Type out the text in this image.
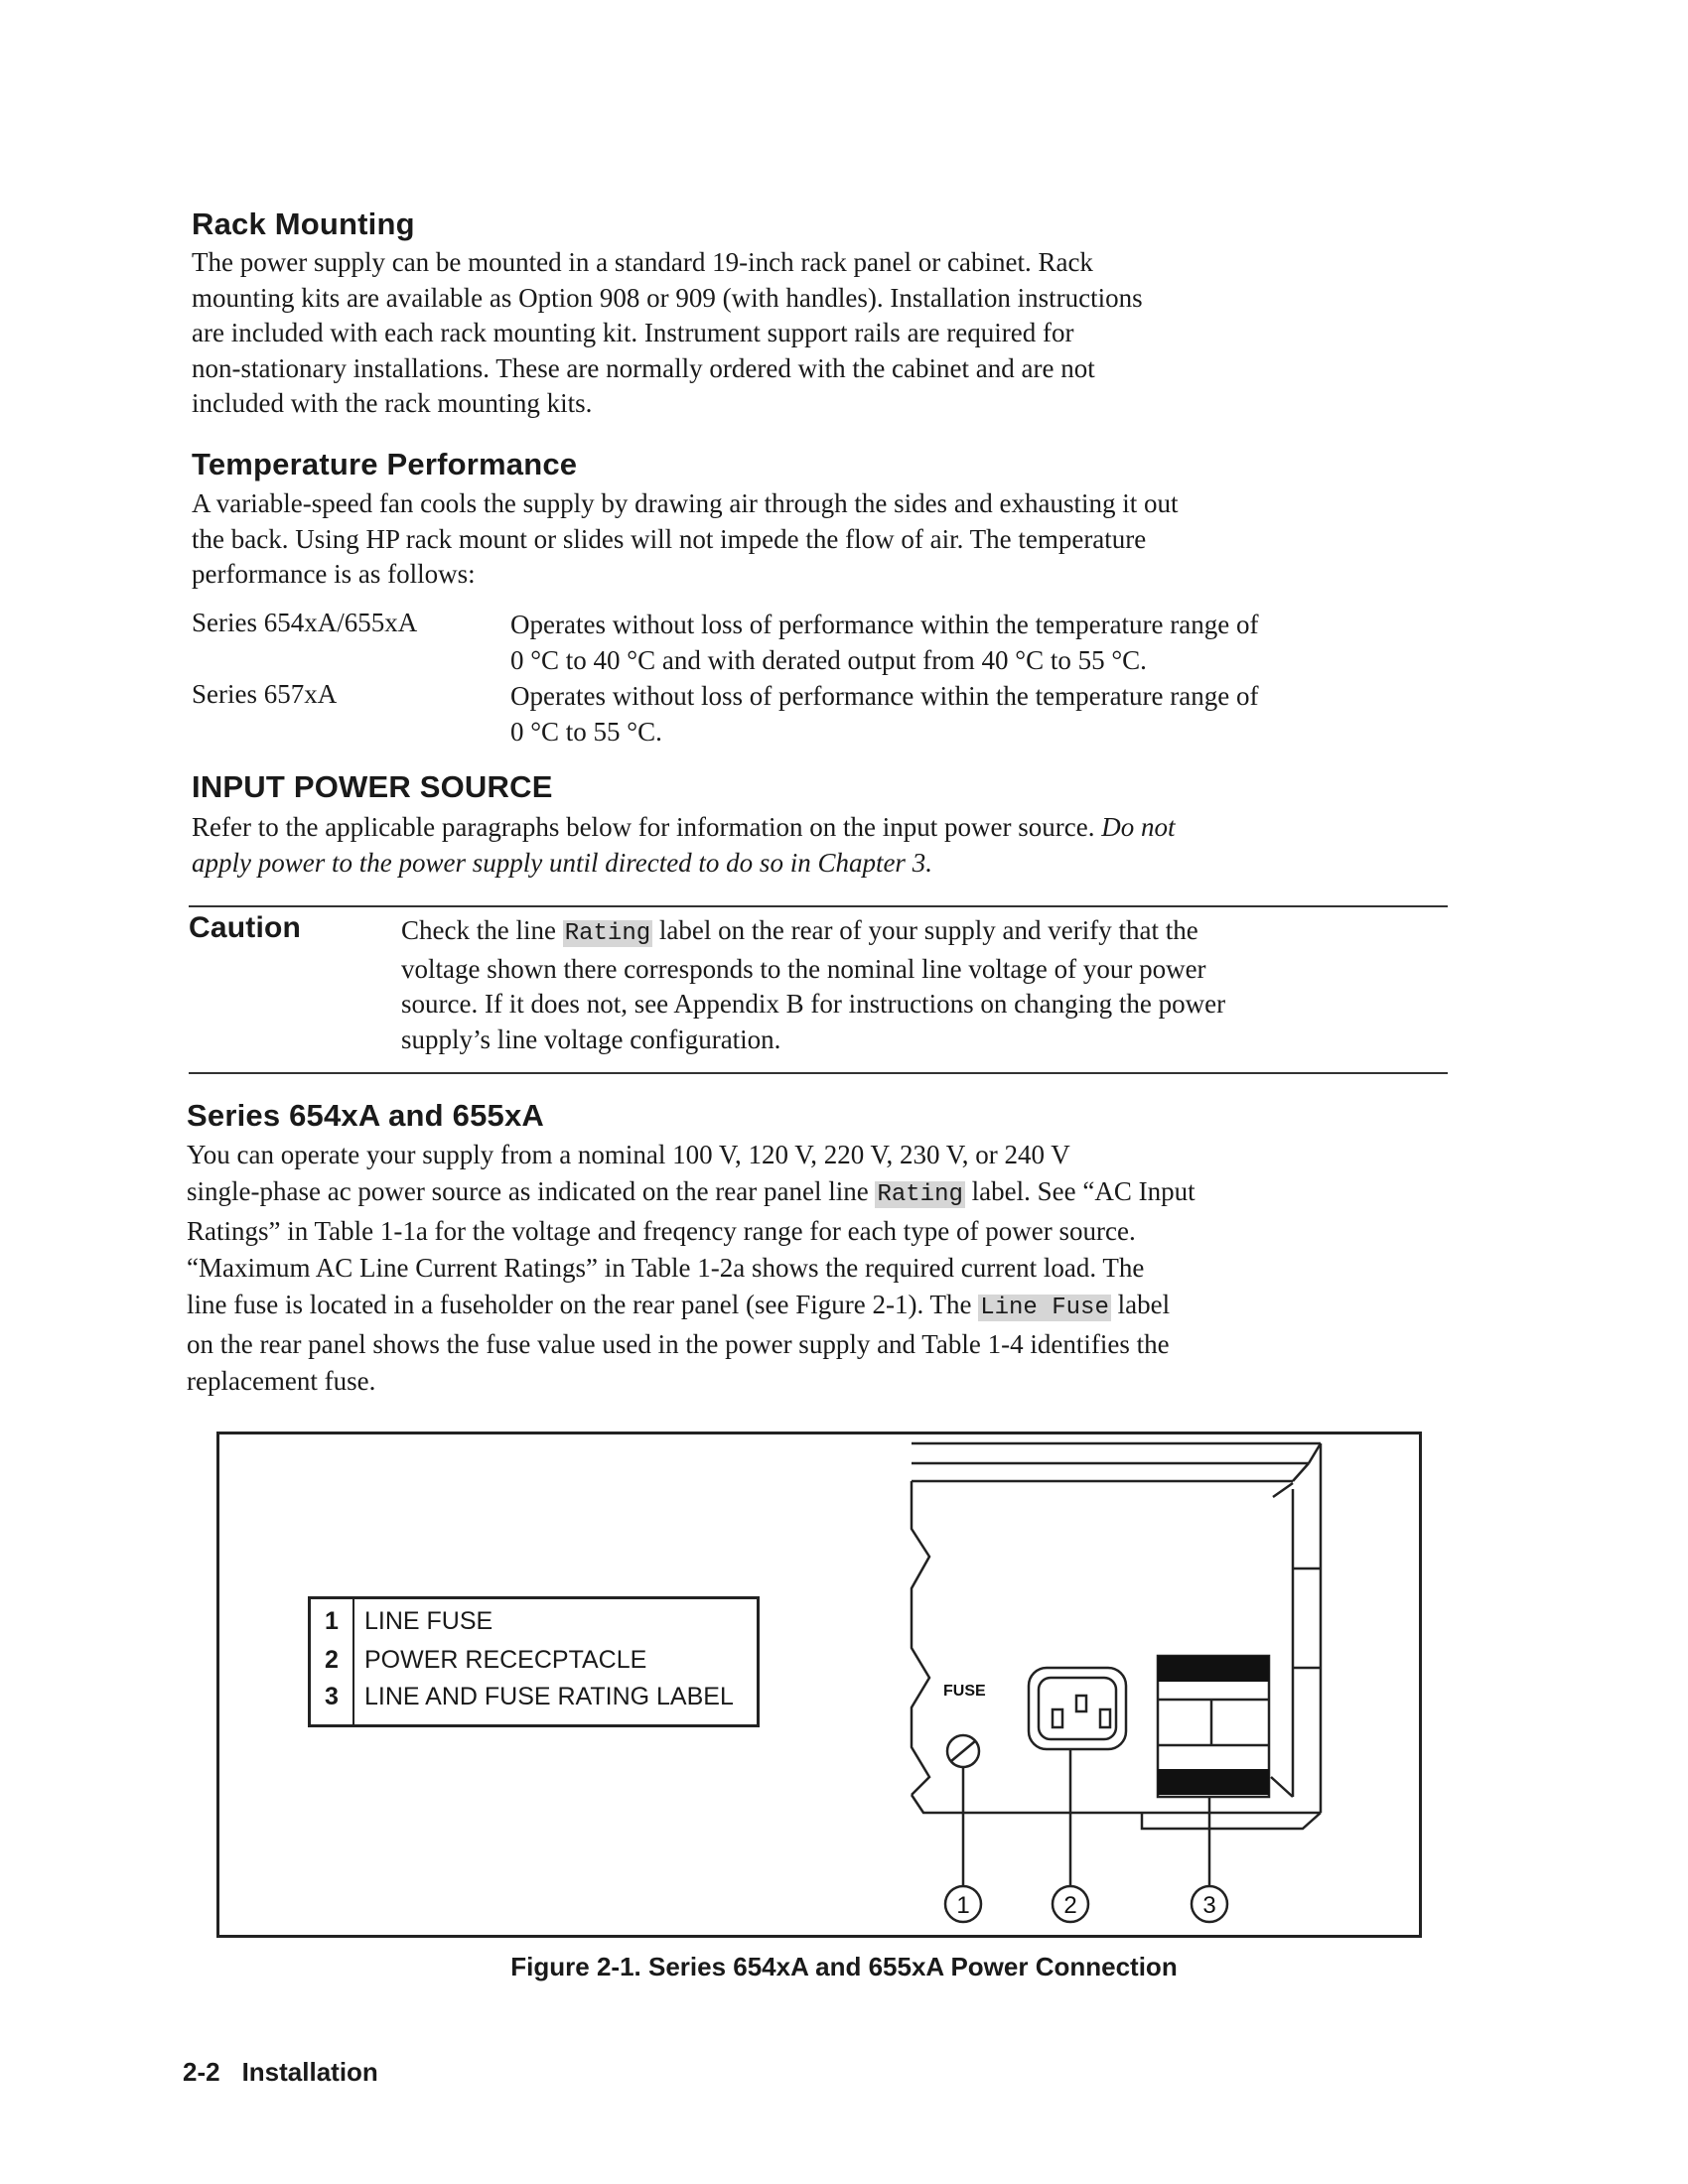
Rack Mounting

The power supply can be mounted in a standard 19-inch rack panel or cabinet. Rack

mounting kits are available as Option 908 or 909 (with handles). Installation instructions

are included with each rack mounting kit. Instrument support rails are required for

non-stationary installations. These are normally ordered with the cabinet and are not

included with the rack mounting kits.

Temperature Performance

A variable-speed fan cools the supply by drawing air through the sides and exhausting it out

the back. Using HP rack mount or slides will not impede the flow of air. The temperature

performance is as follows:

Series 654xA/655xA	Operates without loss of performance within the temperature range of
0 °C to 40 °C and with derated output from 40 °C to 55 °C.
Series 657xA	Operates without loss of performance within the temperature range of
0 °C to 55 °C.
INPUT POWER SOURCE

Refer to the applicable paragraphs below for information on the input power source. Do not

apply power to the power supply until directed to do so in Chapter 3.

Caution	Check the line Rating label on the rear of your supply and verify that the

voltage shown there corresponds to the nominal line voltage of your power

source. If it does not, see Appendix B for instructions on changing the power

supply’s line voltage configuration.

Series 654xA and 655xA

You can operate your supply from a nominal 100 V, 120 V, 220 V, 230 V, or 240 V

single-phase ac power source as indicated on the rear panel line Rating label. See “AC Input

Ratings” in Table 1-1a for the voltage and freqency range for each type of power source.

“Maximum AC Line Current Ratings” in Table 1-2a shows the required current load. The

line fuse is located in a fuseholder on the rear panel (see Figure 2-1). The Line Fuse label

on the rear panel shows the fuse value used in the power supply and Table 1-4 identifies the

replacement fuse.

1	LINE FUSE
2	POWER RECECPTACLE
3	LINE AND FUSE RATING LABEL	FUSE
1	2	3
Figure 2-1. Series 654xA and 655xA Power Connection
2-2 Installation
